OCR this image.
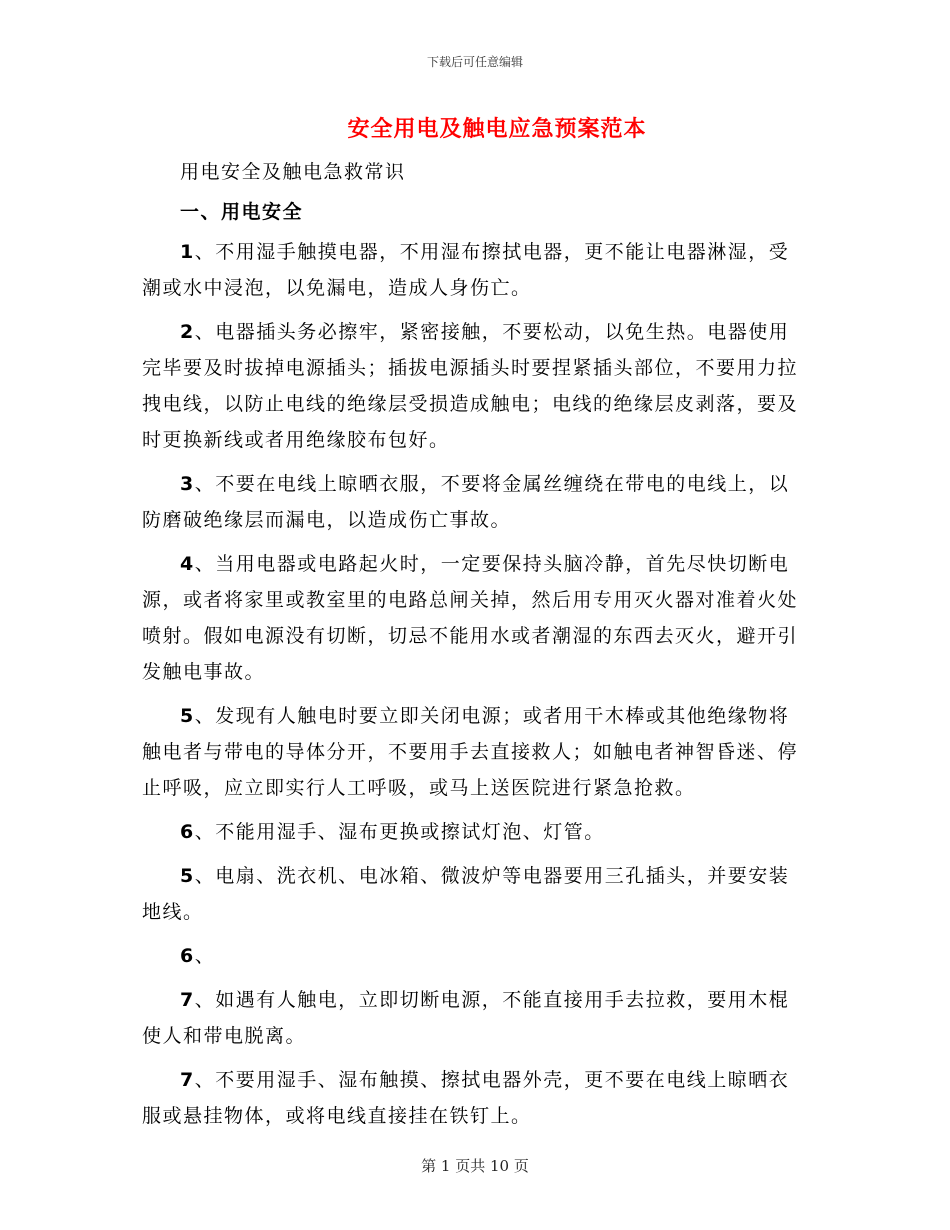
下载后可任意编辑
安全用电及触电应急预案范本

用电安全及触电急救常识

一、用电安全

1、不用湿手触摸电器，不用湿布擦拭电器，更不能让电器淋湿，受潮或水中浸泡，以免漏电，造成人身伤亡。

2、电器插头务必擦牢，紧密接触，不要松动，以免生热。电器使用完毕要及时拔掉电源插头；插拔电源插头时要捏紧插头部位，不要用力拉拽电线，以防止电线的绝缘层受损造成触电；电线的绝缘层皮剥落，要及时更换新线或者用绝缘胶布包好。

3、不要在电线上晾晒衣服，不要将金属丝缠绕在带电的电线上，以防磨破绝缘层而漏电，以造成伤亡事故。

4、当用电器或电路起火时，一定要保持头脑冷静，首先尽快切断电源，或者将家里或教室里的电路总闸关掉，然后用专用灭火器对准着火处喷射。假如电源没有切断，切忌不能用水或者潮湿的东西去灭火，避开引发触电事故。

5、发现有人触电时要立即关闭电源；或者用干木棒或其他绝缘物将触电者与带电的导体分开，不要用手去直接救人；如触电者神智昏迷、停止呼吸，应立即实行人工呼吸，或马上送医院进行紧急抢救。

6、不能用湿手、湿布更换或擦试灯泡、灯管。

5、电扇、洗衣机、电冰箱、微波炉等电器要用三孔插头，并要安装地线。

6、

7、如遇有人触电，立即切断电源，不能直接用手去拉救，要用木棍使人和带电脱离。

7、不要用湿手、湿布触摸、擦拭电器外壳，更不要在电线上晾晒衣服或悬挂物体，或将电线直接挂在铁钉上。

第 1 页共 10 页
